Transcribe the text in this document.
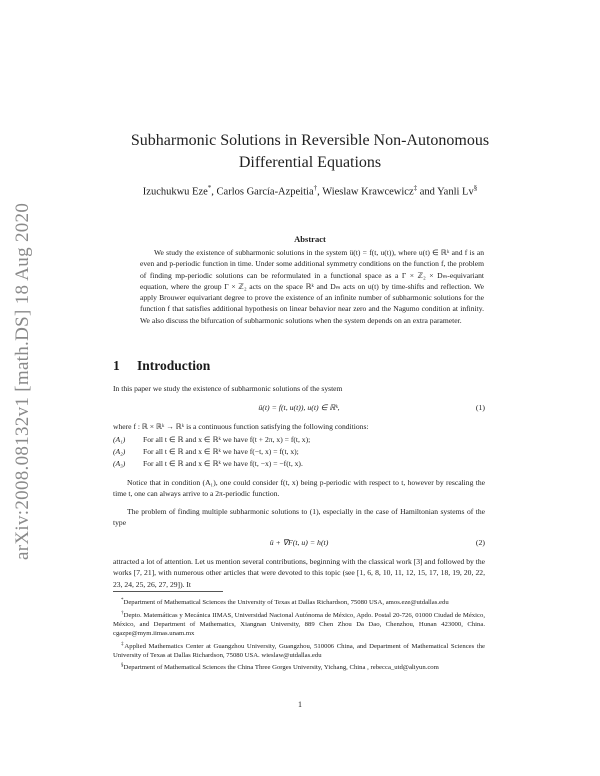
arXiv:2008.08132v1 [math.DS] 18 Aug 2020
Subharmonic Solutions in Reversible Non-Autonomous Differential Equations
Izuchukwu Eze*, Carlos García-Azpeitia†, Wieslaw Krawcewicz‡ and Yanli Lv§
Abstract
We study the existence of subharmonic solutions in the system ü(t) = f(t, u(t)), where u(t) ∈ ℝᵏ and f is an even and p-periodic function in time. Under some additional symmetry conditions on the function f, the problem of finding mp-periodic solutions can be reformulated in a functional space as a Γ × ℤ₂ × Dₘ-equivariant equation, where the group Γ × ℤ₂ acts on the space ℝᵏ and Dₘ acts on u(t) by time-shifts and reflection. We apply Brouwer equivariant degree to prove the existence of an infinite number of subharmonic solutions for the function f that satisfies additional hypothesis on linear behavior near zero and the Nagumo condition at infinity. We also discuss the bifurcation of subharmonic solutions when the system depends on an extra parameter.
1 Introduction
In this paper we study the existence of subharmonic solutions of the system
ü(t) = f(t, u(t)), u(t) ∈ ℝᵏ,	(1)
where f : ℝ × ℝᵏ → ℝᵏ is a continuous function satisfying the following conditions:
(A₁)	For all t ∈ ℝ and x ∈ ℝᵏ we have f(t + 2π, x) = f(t, x);
(A₂)	For all t ∈ ℝ and x ∈ ℝᵏ we have f(−t, x) = f(t, x);
(A₃)	For all t ∈ ℝ and x ∈ ℝᵏ we have f(t, −x) = −f(t, x).
Notice that in condition (A₁), one could consider f(t, x) being p-periodic with respect to t, however by rescaling the time t, one can always arrive to a 2π-periodic function.
The problem of finding multiple subharmonic solutions to (1), especially in the case of Hamiltonian systems of the type
ü + ∇F(t, u) = h(t)	(2)
attracted a lot of attention. Let us mention several contributions, beginning with the classical work [3] and followed by the works [7, 21], with numerous other articles that were devoted to this topic (see [1, 6, 8, 10, 11, 12, 15, 17, 18, 19, 20, 22, 23, 24, 25, 26, 27, 29]). It

*Department of Mathematical Sciences the University of Texas at Dallas Richardson, 75080 USA, amos.eze@utdallas.edu

†Depto. Matemáticas y Mecánica IIMAS, Universidad Nacional Autónoma de México, Apdo. Postal 20-726, 01000 Ciudad de México, México, and Department of Mathematics, Xiangnan University, 889 Chen Zhou Da Dao, Chenzhou, Hunan 423000, China. cgazpe@mym.iimas.unam.mx

‡Applied Mathematics Center at Guangzhou University, Guangzhou, 510006 China, and Department of Mathematical Sciences the University of Texas at Dallas Richardson, 75080 USA. wieslaw@utdallas.edu

§Department of Mathematical Sciences the China Three Gorges University, Yichang, China , rebecca_utd@aliyun.com

1
